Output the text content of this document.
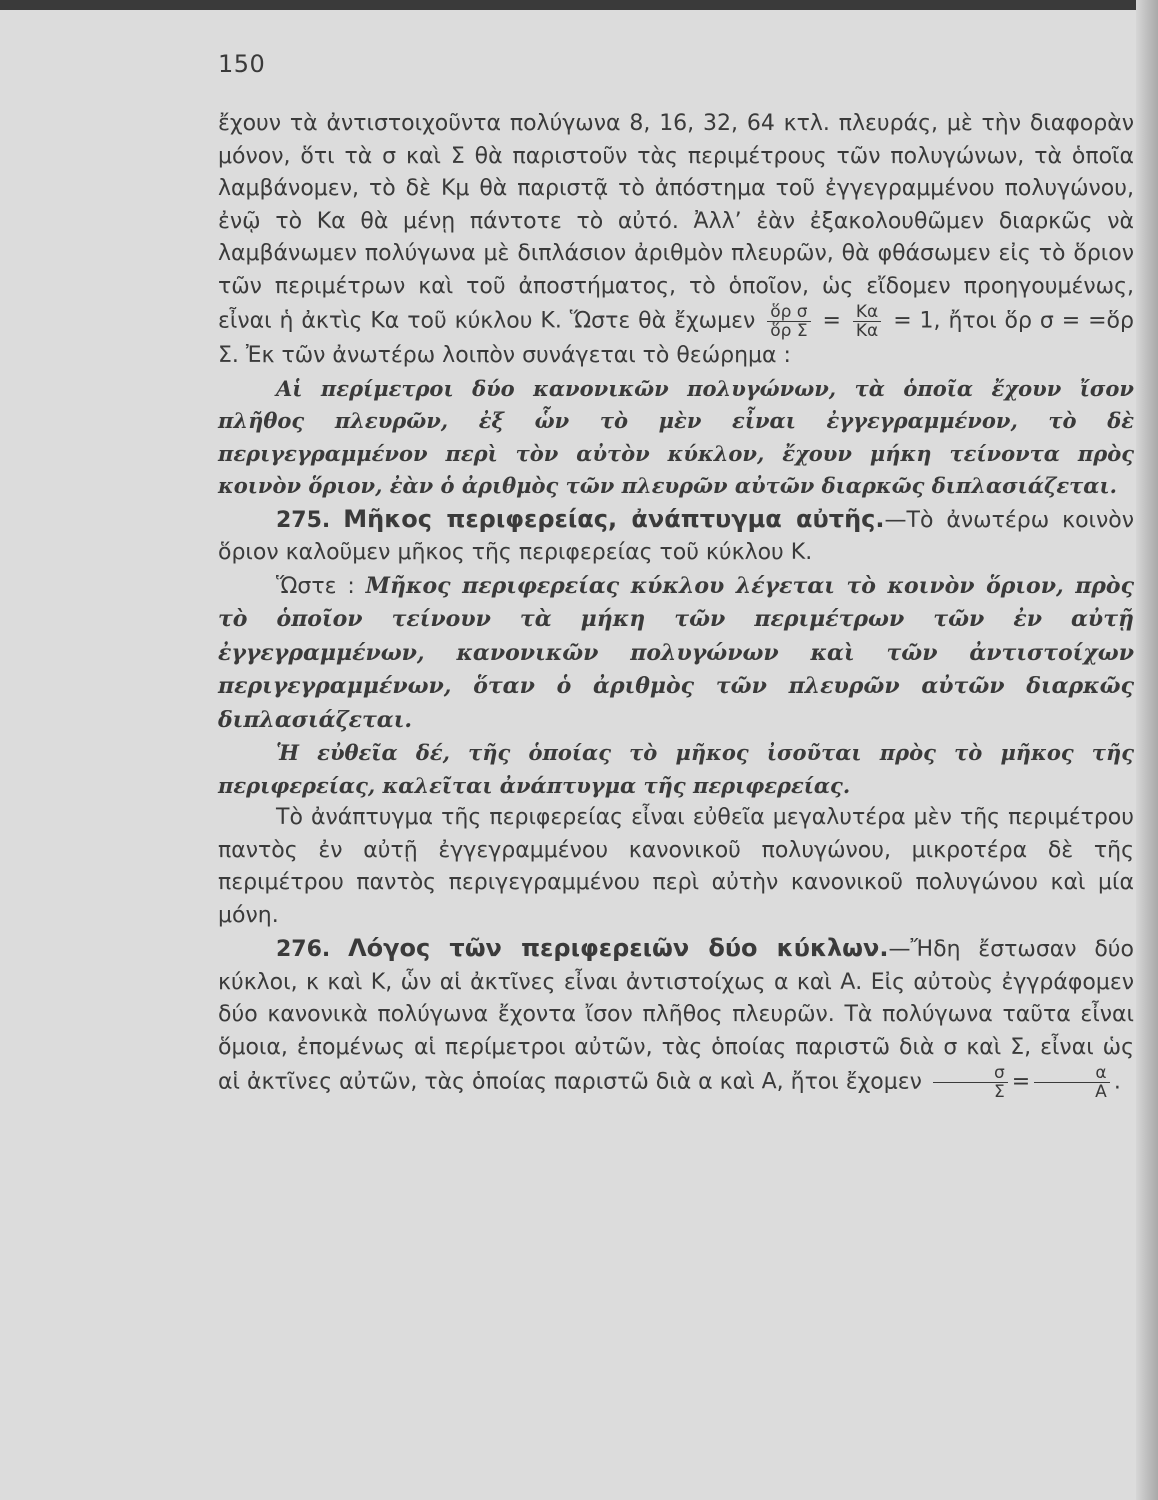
150

ἔχουν τὰ ἀντιστοιχοῦντα πολύγωνα 8, 16, 32, 64 κτλ. πλευράς, μὲ τὴν διαφορὰν μόνον, ὅτι τὰ σ καὶ Σ θὰ παριστοῦν τὰς περιμέτρους τῶν πολυγώνων, τὰ ὁποῖα λαμβάνομεν, τὸ δὲ Κμ θὰ παριστᾷ τὸ ἀπόστημα τοῦ ἐγγεγραμμένου πολυγώνου, ἐνῷ τὸ Κα θὰ μένῃ πάντοτε τὸ αὐτό. Ἀλλ’ ἐὰν ἐξακολουθῶμεν διαρκῶς νὰ λαμβάνωμεν πολύγωνα μὲ διπλάσιον ἀριθμὸν πλευρῶν, θὰ φθάσωμεν εἰς τὸ ὅριον τῶν περιμέτρων καὶ τοῦ ἀποστήματος, τὸ ὁποῖον, ὡς εἴδομεν προηγουμένως, εἶναι ἡ ἀκτὶς Κα τοῦ κύκλου Κ. Ὥστε θὰ ἔχωμεν $\frac{\text{ὅρ σ}}{\text{ὅρ Σ}} = \frac{K\alpha}{K\alpha} = 1$, ἤτοι ὅρ σ = =ὅρ Σ. Ἐκ τῶν ἀνωτέρω λοιπὸν συνάγεται τὸ θεώρημα :

Αἱ περίμετροι δύο κανονικῶν πολυγώνων, τὰ ὁποῖα ἔχουν ἴσον πλῆθος πλευρῶν, ἐξ ὧν τὸ μὲν εἶναι ἐγγεγραμμένον, τὸ δὲ περιγεγραμμένον περὶ τὸν αὐτὸν κύκλον, ἔχουν μήκη τείνοντα πρὸς κοινὸν ὅριον, ἐὰν ὁ ἀριθμὸς τῶν πλευρῶν αὐτῶν διαρκῶς διπλασιάζεται.

275. Μῆκος περιφερείας, ἀνάπτυγμα αὐτῆς.—Τὸ ἀνωτέρω κοινὸν ὅριον καλοῦμεν μῆκος τῆς περιφερείας τοῦ κύκλου Κ.

Ὥστε : Μῆκος περιφερείας κύκλου λέγεται τὸ κοινὸν ὅριον, πρὸς τὸ ὁποῖον τείνουν τὰ μήκη τῶν περιμέτρων τῶν ἐν αὐτῇ ἐγγεγραμμένων, κανονικῶν πολυγώνων καὶ τῶν ἀντιστοίχων περιγεγραμμένων, ὅταν ὁ ἀριθμὸς τῶν πλευρῶν αὐτῶν διαρκῶς διπλασιάζεται.

Ἡ εὐθεῖα δέ, τῆς ὁποίας τὸ μῆκος ἰσοῦται πρὸς τὸ μῆκος τῆς περιφερείας, καλεῖται ἀνάπτυγμα τῆς περιφερείας.

Τὸ ἀνάπτυγμα τῆς περιφερείας εἶναι εὐθεῖα μεγαλυτέρα μὲν τῆς περιμέτρου παντὸς ἐν αὐτῇ ἐγγεγραμμένου κανονικοῦ πολυγώνου, μικροτέρα δὲ τῆς περιμέτρου παντὸς περιγεγραμμένου περὶ αὐτὴν κανονικοῦ πολυγώνου καὶ μία μόνη.

276. Λόγος τῶν περιφερειῶν δύο κύκλων.—Ἤδη ἔστωσαν δύο κύκλοι, κ καὶ Κ, ὧν αἱ ἀκτῖνες εἶναι ἀντιστοίχως α καὶ Α. Εἰς αὐτοὺς ἐγγράφομεν δύο κανονικὰ πολύγωνα ἔχοντα ἴσον πλῆθος πλευρῶν. Τὰ πολύγωνα ταῦτα εἶναι ὅμοια, ἐπομένως αἱ περίμετροι αὐτῶν, τὰς ὁποίας παριστῶ διὰ σ καὶ Σ, εἶναι ὡς αἱ ἀκτῖνες αὐτῶν, τὰς ὁποίας παριστῶ διὰ α καὶ Α, ἤτοι ἔχομεν $\frac{\sigma}{\Sigma} = \frac{\alpha}{A}$ .
